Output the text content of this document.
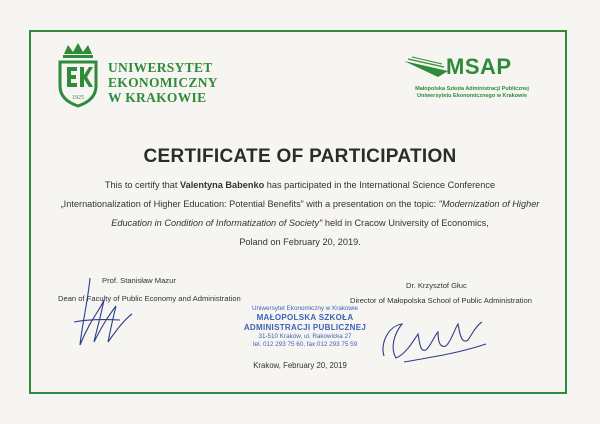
1925
UNIWERSYTET
EKONOMICZNY
W KRAKOWIE
MSAP
Małopolska Szkoła Administracji Publicznej
Uniwersytetu Ekonomicznego w Krakowie
CERTIFICATE OF PARTICIPATION
This to certify that Valentyna Babenko has participated in the International Science Conference
„Internationalization of Higher Education: Potential Benefits” with a presentation on the topic: "Modernization of Higher
Education in Condition of Informatization of Society" held in Cracow University of Economics,
Poland on February 20, 2019.
Prof. Stanisław Mazur
Dean of Faculty of Public Economy and Administration
Dr. Krzysztof Głuc
Director of Małopolska School of Public Administration
Uniwersytet Ekonomiczny w Krakowie
MAŁOPOLSKA SZKOŁA
ADMINISTRACJI PUBLICZNEJ
31-510 Kraków, ul. Rakowicka 27
tel. 012 293 75 60, fax 012 293 75 59
Krakow, February 20, 2019
